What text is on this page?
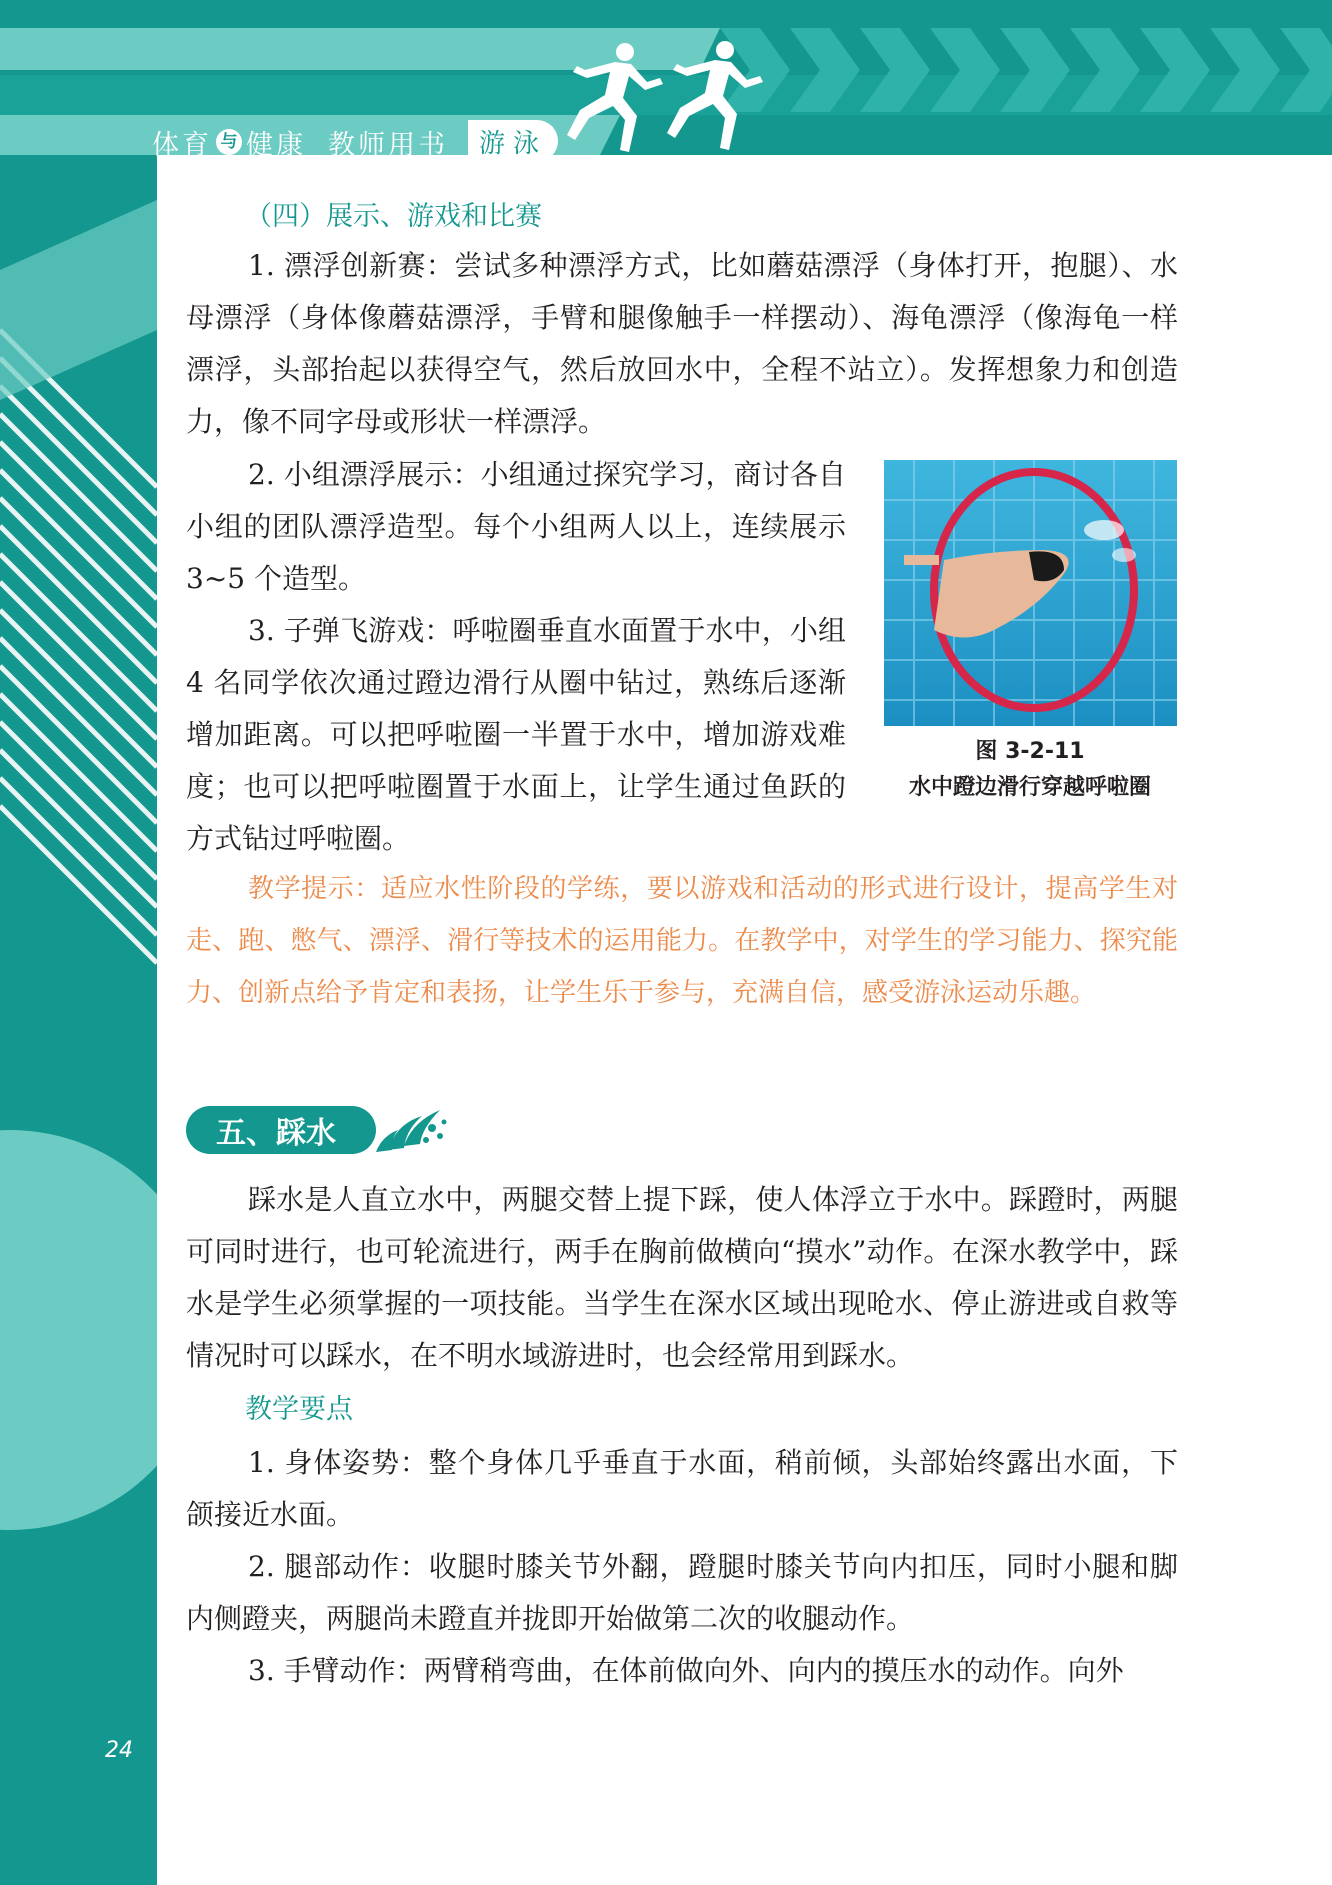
体育 与 健康 教师用书	游泳
（四）展示、游戏和比赛
1. 漂浮创新赛：尝试多种漂浮方式，比如蘑菇漂浮（身体打开，抱腿）、水母漂浮（身体像蘑菇漂浮，手臂和腿像触手一样摆动）、海龟漂浮（像海龟一样漂浮，头部抬起以获得空气，然后放回水中，全程不站立）。发挥想象力和创造力，像不同字母或形状一样漂浮。
2. 小组漂浮展示：小组通过探究学习，商讨各自小组的团队漂浮造型。每个小组两人以上，连续展示 3~5 个造型。
3. 子弹飞游戏：呼啦圈垂直水面置于水中，小组 4 名同学依次通过蹬边滑行从圈中钻过，熟练后逐渐增加距离。可以把呼啦圈一半置于水中，增加游戏难度；也可以把呼啦圈置于水面上，让学生通过鱼跃的方式钻过呼啦圈。
图 3-2-11
水中蹬边滑行穿越呼啦圈
教学提示：适应水性阶段的学练，要以游戏和活动的形式进行设计，提高学生对走、跑、憋气、漂浮、滑行等技术的运用能力。在教学中，对学生的学习能力、探究能力、创新点给予肯定和表扬，让学生乐于参与，充满自信，感受游泳运动乐趣。
五、踩水
踩水是人直立水中，两腿交替上提下踩，使人体浮立于水中。踩蹬时，两腿可同时进行，也可轮流进行，两手在胸前做横向“摸水”动作。在深水教学中，踩水是学生必须掌握的一项技能。当学生在深水区域出现呛水、停止游进或自救等情况时可以踩水，在不明水域游进时，也会经常用到踩水。
教学要点
1. 身体姿势：整个身体几乎垂直于水面，稍前倾，头部始终露出水面，下颌接近水面。
2. 腿部动作：收腿时膝关节外翻，蹬腿时膝关节向内扣压，同时小腿和脚内侧蹬夹，两腿尚未蹬直并拢即开始做第二次的收腿动作。
3. 手臂动作：两臂稍弯曲，在体前做向外、向内的摸压水的动作。向外
24
